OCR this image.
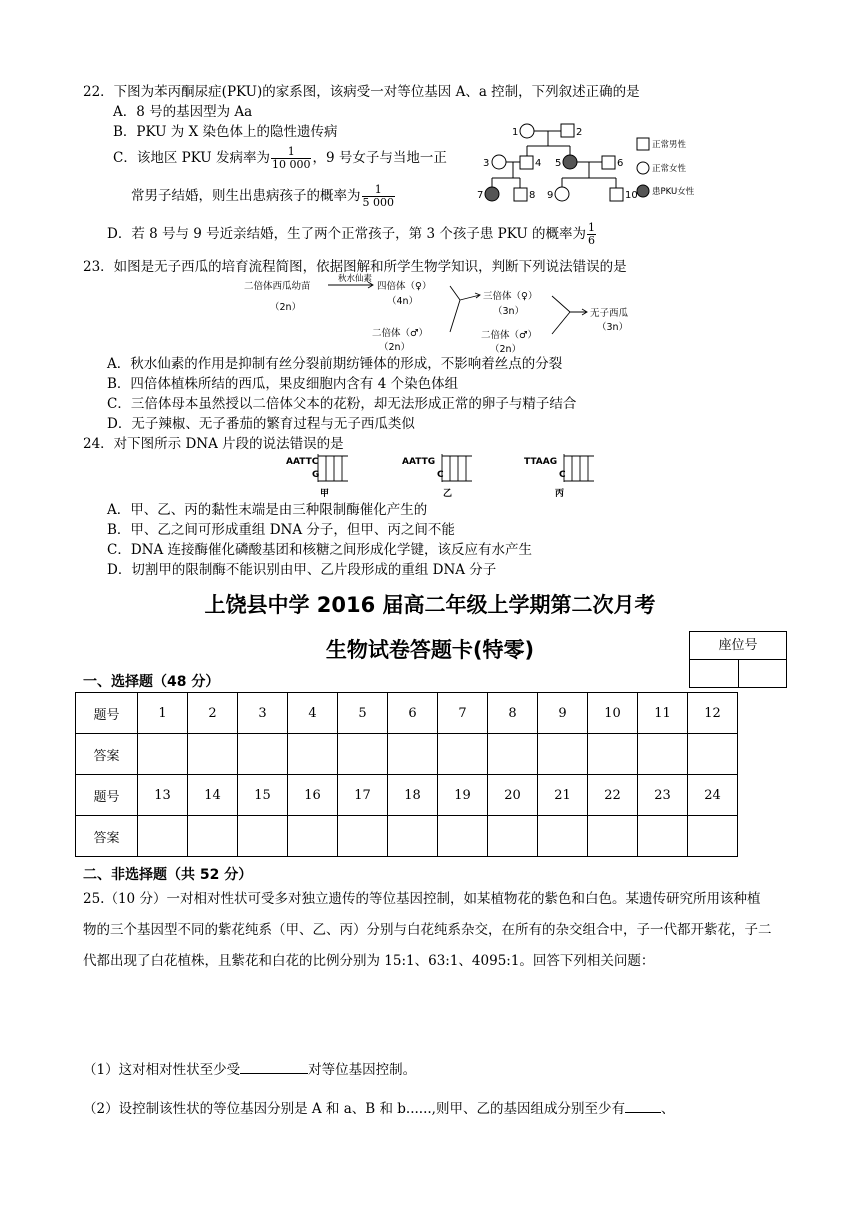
22．下图为苯丙酮尿症(PKU)的家系图，该病受一对等位基因 A、a 控制，下列叙述正确的是
A．8 号的基因型为 Aa
B．PKU 为 X 染色体上的隐性遗传病
C．该地区 PKU 发病率为 $\frac{1}{10 000}$ ，9 号女子与当地一正
常男子结婚，则生出患病孩子的概率为 $\frac{1}{5 000}$
D．若 8 号与 9 号近亲结婚，生了两个正常孩子，第 3 个孩子患 PKU 的概率为 $\frac{1}{6}$
1	2
3	4 5	6
7	8 9	10
正常男性
正常女性
患PKU女性
23．如图是无子西瓜的培育流程简图，依据图解和所学生物学知识，判断下列说法错误的是
二倍体西瓜幼苗
（2n）
秋水仙素
四倍体（♀）
（4n）
二倍体（♂）
（2n）
三倍体（♀）
（3n）
二倍体（♂）
（2n）
无子西瓜
（3n）
A．秋水仙素的作用是抑制有丝分裂前期纺锤体的形成，不影响着丝点的分裂
B．四倍体植株所结的西瓜，果皮细胞内含有 4 个染色体组
C．三倍体母本虽然授以二倍体父本的花粉，却无法形成正常的卵子与精子结合
D．无子辣椒、无子番茄的繁育过程与无子西瓜类似
24．对下图所示 DNA 片段的说法错误的是
AATTC
G
甲
AATTG
C
乙
TTAAG
C
丙
A．甲、乙、丙的黏性末端是由三种限制酶催化产生的
B．甲、乙之间可形成重组 DNA 分子，但甲、丙之间不能
C．DNA 连接酶催化磷酸基团和核糖之间形成化学键，该反应有水产生
D．切割甲的限制酶不能识别由甲、乙片段形成的重组 DNA 分子
上饶县中学 2016 届高二年级上学期第二次月考
生物试卷答题卡(特零)	座位号
一、选择题（48 分）
题号	1	2	3	4	5	6	7	8	9	10	11	12
答案												
题号	13	14	15	16	17	18	19	20	21	22	23	24
答案												
二、非选择题（共 52 分）
25.（10 分）一对相对性状可受多对独立遗传的等位基因控制，如某植物花的紫色和白色。某遗传研究所用该种植物的三个基因型不同的紫花纯系（甲、乙、丙）分别与白花纯系杂交，在所有的杂交组合中，子一代都开紫花，子二代都出现了白花植株，且紫花和白花的比例分别为 15:1、63:1、4095:1。回答下列相关问题：
（1）这对相对性状至少受	对等位基因控制。
（2）设控制该性状的等位基因分别是 A 和 a、B 和 b......,则甲、乙的基因组成分别至少有	、
